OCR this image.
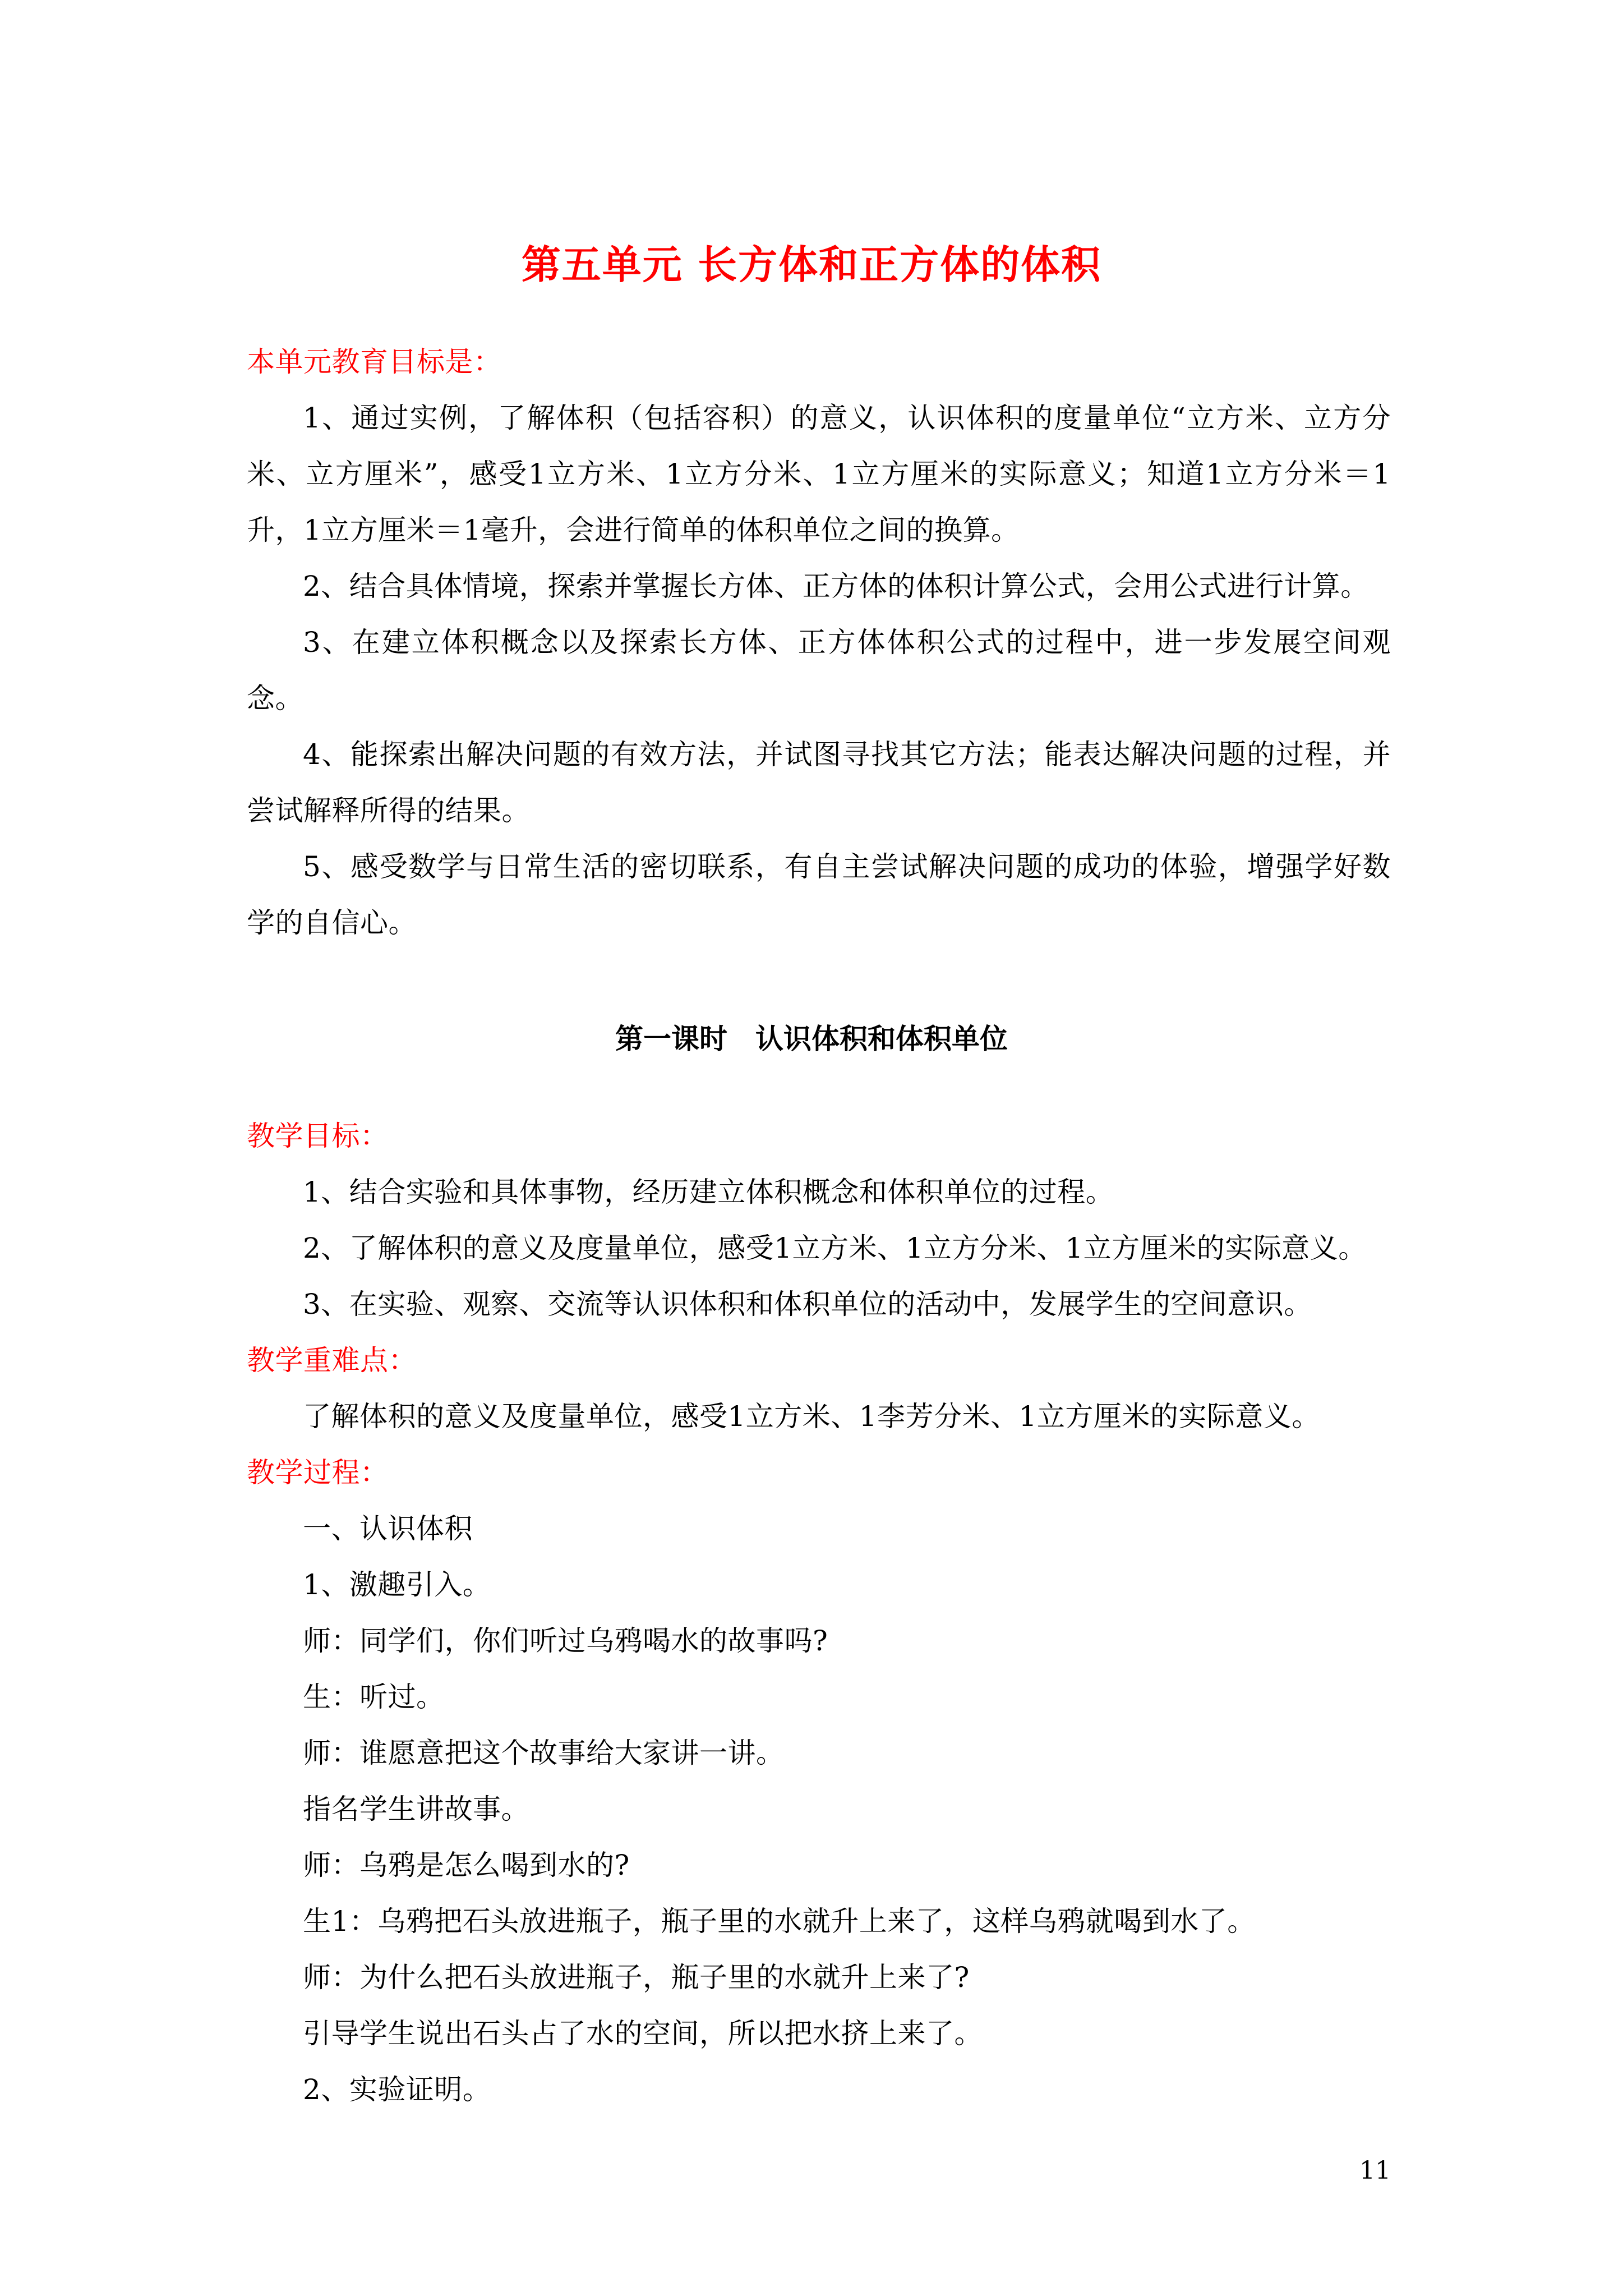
第五单元 长方体和正方体的体积

本单元教育目标是：

1、通过实例，了解体积（包括容积）的意义，认识体积的度量单位“立方米、立方分米、立方厘米”，感受1立方米、1立方分米、1立方厘米的实际意义；知道1立方分米＝1升，1立方厘米＝1毫升，会进行简单的体积单位之间的换算。

2、结合具体情境，探索并掌握长方体、正方体的体积计算公式，会用公式进行计算。

3、在建立体积概念以及探索长方体、正方体体积公式的过程中，进一步发展空间观念。

4、能探索出解决问题的有效方法，并试图寻找其它方法；能表达解决问题的过程，并尝试解释所得的结果。

5、感受数学与日常生活的密切联系，有自主尝试解决问题的成功的体验，增强学好数学的自信心。

第一课时　认识体积和体积单位

教学目标：

1、结合实验和具体事物，经历建立体积概念和体积单位的过程。

2、了解体积的意义及度量单位，感受1立方米、1立方分米、1立方厘米的实际意义。

3、在实验、观察、交流等认识体积和体积单位的活动中，发展学生的空间意识。

教学重难点：

了解体积的意义及度量单位，感受1立方米、1李芳分米、1立方厘米的实际意义。

教学过程：

一、认识体积

1、激趣引入。

师：同学们，你们听过乌鸦喝水的故事吗?

生：听过。

师：谁愿意把这个故事给大家讲一讲。

指名学生讲故事。

师：乌鸦是怎么喝到水的?

生1：乌鸦把石头放进瓶子，瓶子里的水就升上来了，这样乌鸦就喝到水了。

师：为什么把石头放进瓶子，瓶子里的水就升上来了?

引导学生说出石头占了水的空间，所以把水挤上来了。

2、实验证明。

11
